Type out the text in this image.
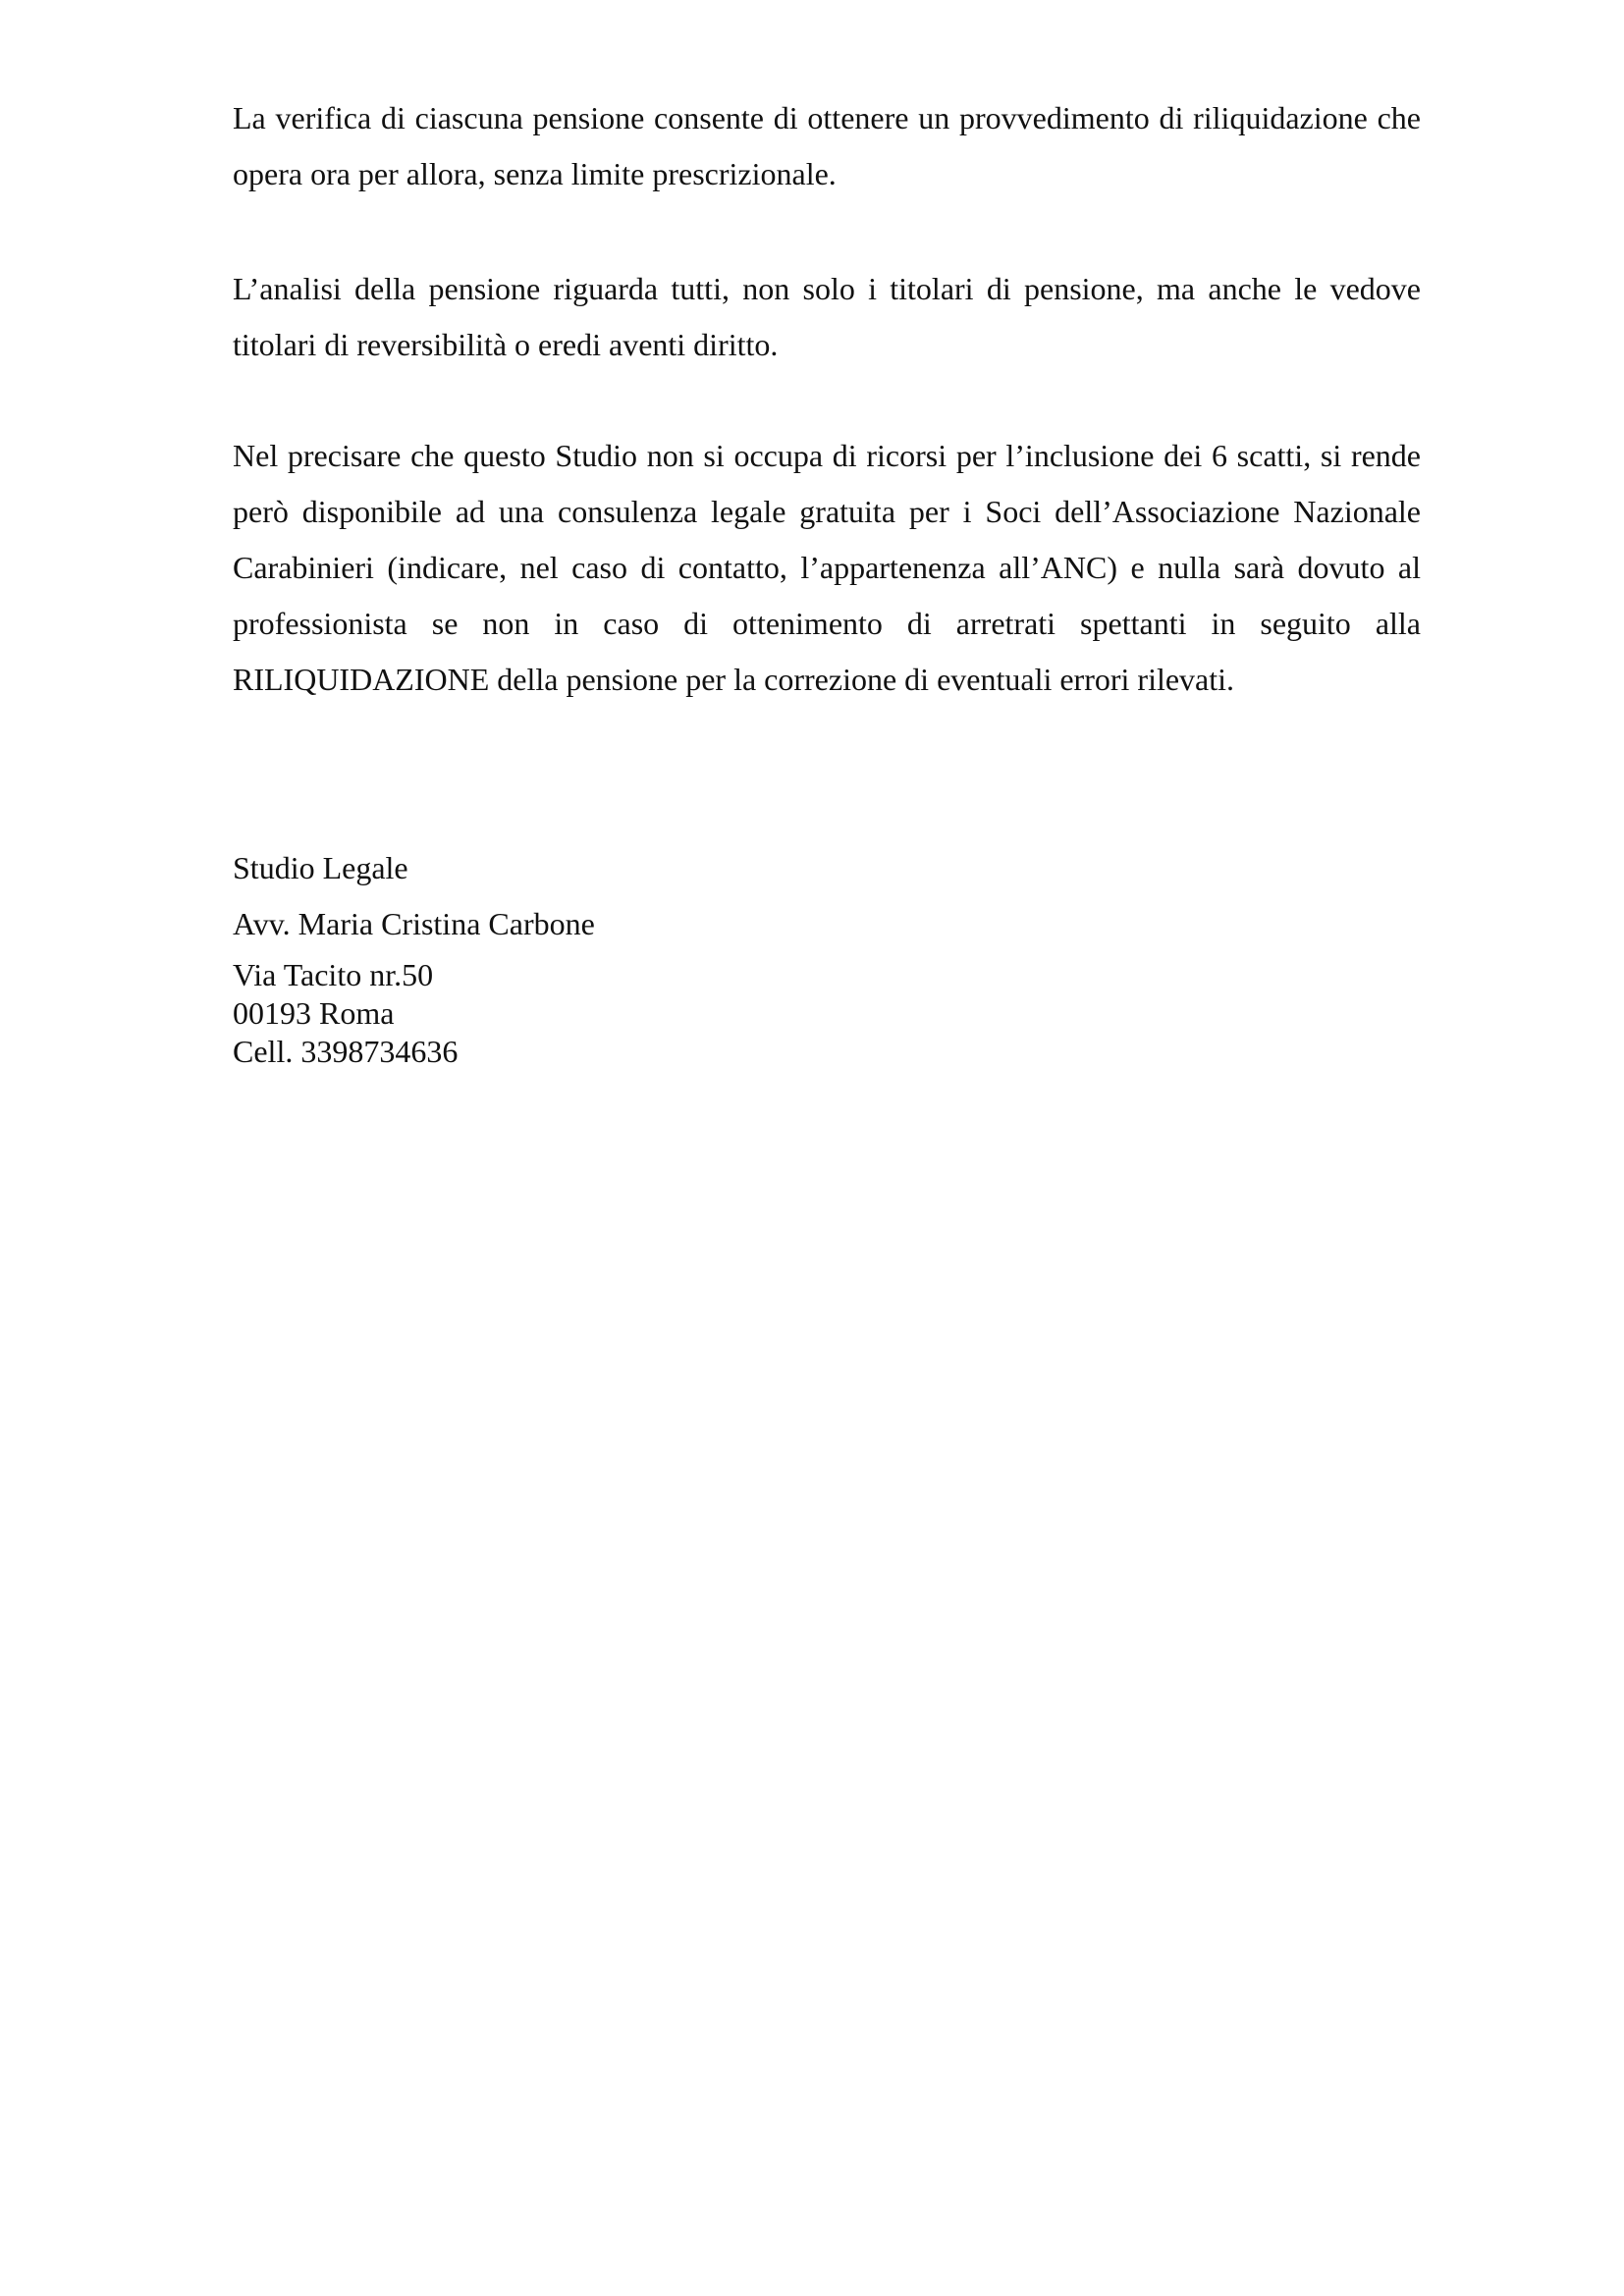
La verifica di ciascuna pensione consente di ottenere un provvedimento di riliquidazione che opera ora per allora, senza limite prescrizionale.

L’analisi della pensione riguarda tutti, non solo i titolari di pensione, ma anche le vedove titolari di reversibilità o eredi aventi diritto.

Nel precisare che questo Studio non si occupa di ricorsi per l’inclusione dei 6 scatti, si rende però disponibile ad una consulenza legale gratuita per i Soci dell’Associazione Nazionale Carabinieri (indicare, nel caso di contatto, l’appartenenza all’ANC) e nulla sarà dovuto al professionista se non in caso di ottenimento di arretrati spettanti in seguito alla RILIQUIDAZIONE della pensione per la correzione di eventuali errori rilevati.

Studio Legale

Avv. Maria Cristina Carbone

Via Tacito nr.50
00193 Roma
Cell. 3398734636
